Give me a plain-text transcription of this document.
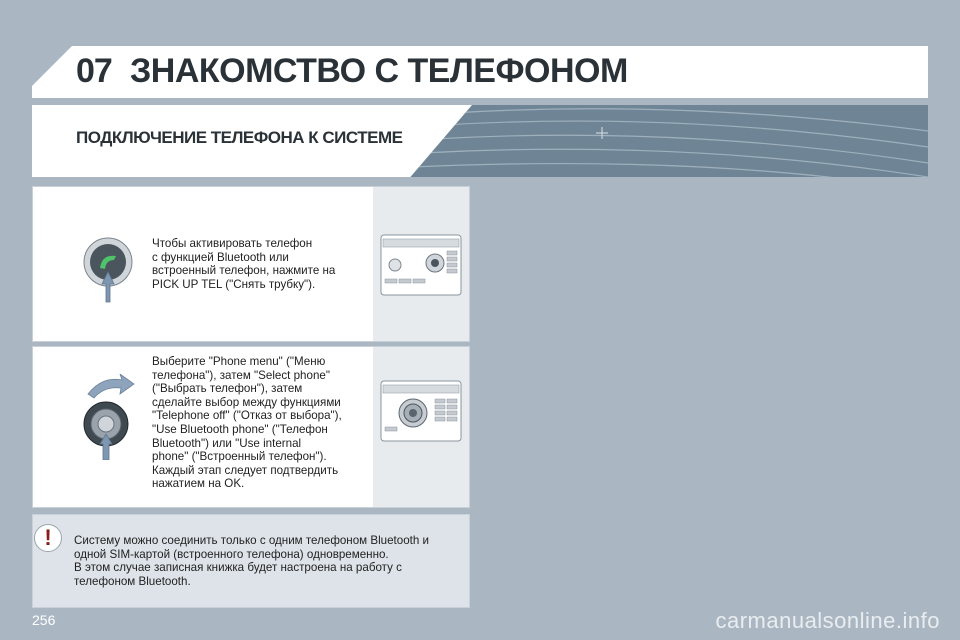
07 ЗНАКОМСТВО С ТЕЛЕФОНОМ
ПОДКЛЮЧЕНИЕ ТЕЛЕФОНА К СИСТЕМЕ
Чтобы активировать телефон
с функцией Bluetooth или
встроенный телефон, нажмите на
PICK UP TEL ("Снять трубку").
Выберите "Phone menu" ("Меню
телефона"), затем "Select phone"
("Выбрать телефон"), затем
сделайте выбор между функциями
"Telephone off" ("Отказ от выбора"),
"Use Bluetooth phone" ("Телефон
Bluetooth") или "Use internal
phone" ("Встроенный телефон").
Каждый этап следует подтвердить
нажатием на OK.
!	Систему можно соединить только с одним телефоном Bluetooth и
одной SIM-картой (встроенного телефона) одновременно.
В этом случае записная книжка будет настроена на работу с
телефоном Bluetooth.
256	carmanualsonline.info
